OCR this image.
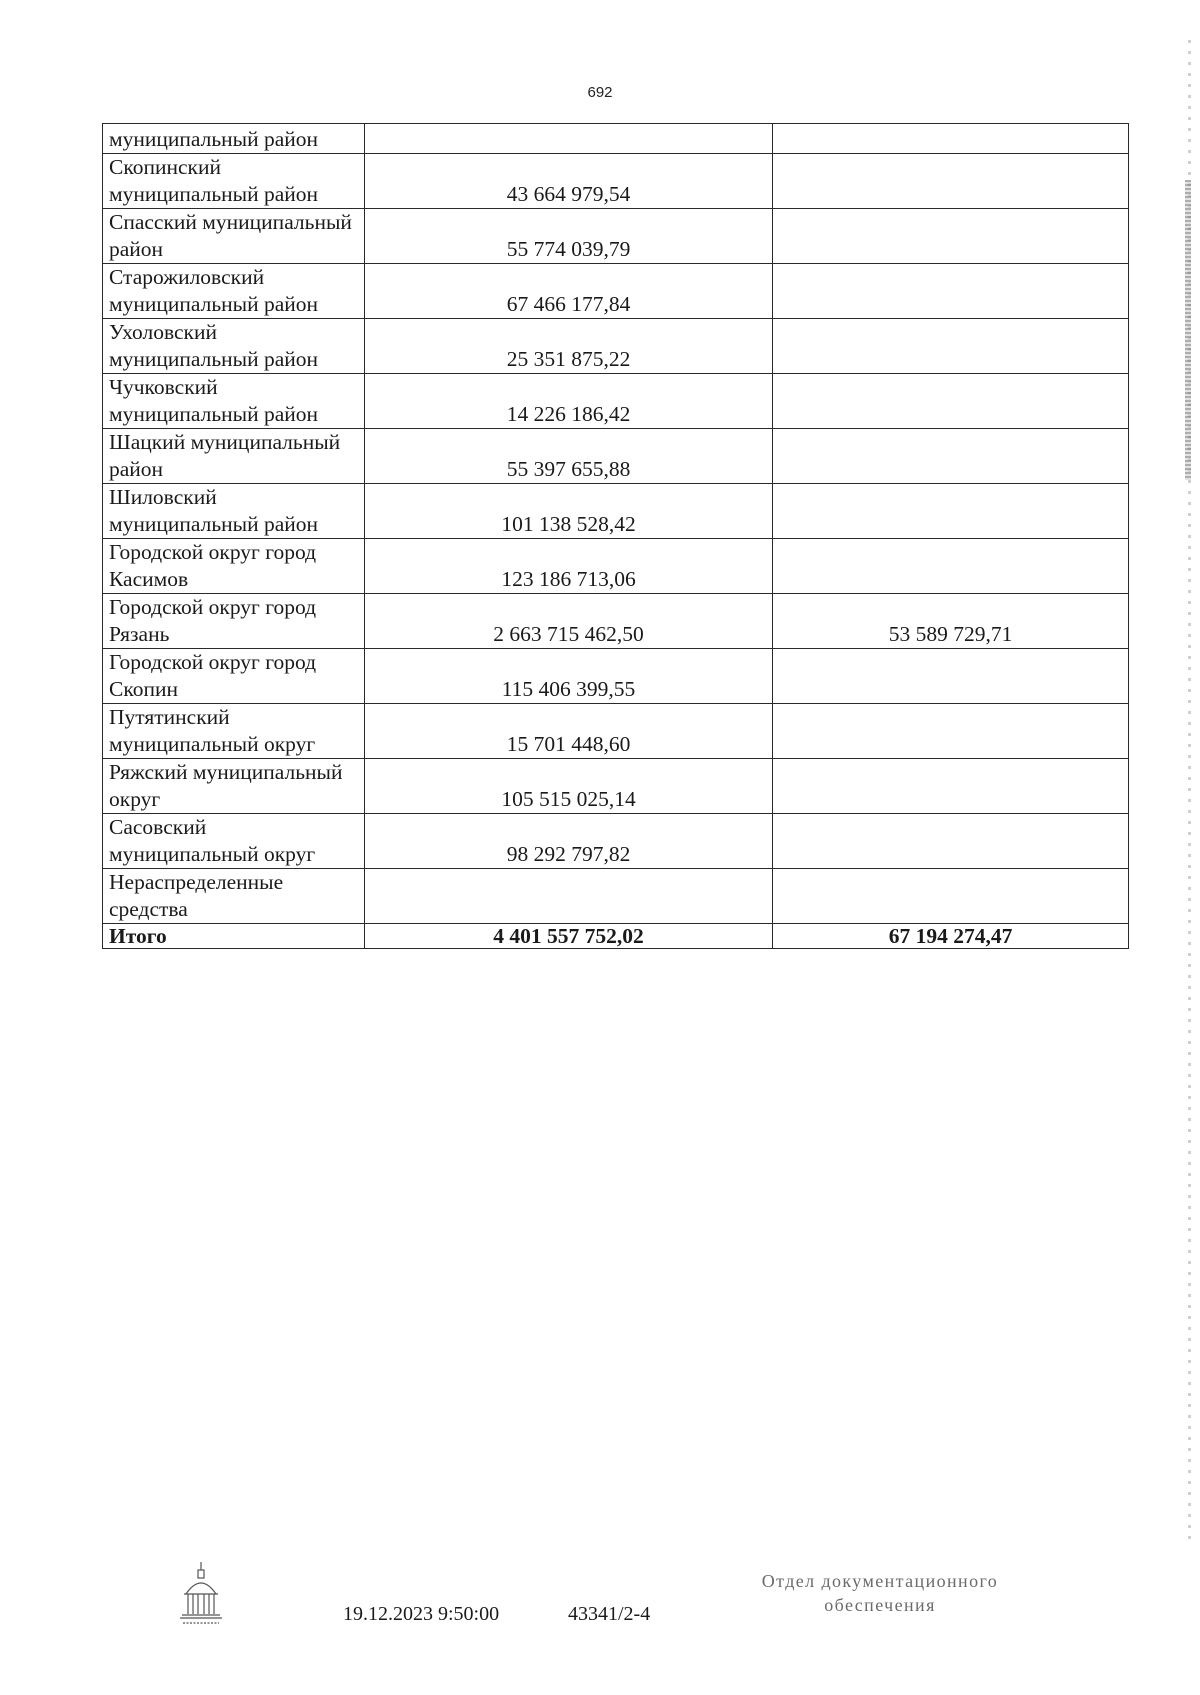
692
муниципальный район		
Скопинский муниципальный район	43 664 979,54	
Спасский муниципальный район	55 774 039,79	
Старожиловский муниципальный район	67 466 177,84	
Ухоловский муниципальный район	25 351 875,22	
Чучковский муниципальный район	14 226 186,42	
Шацкий муниципальный район	55 397 655,88	
Шиловский муниципальный район	101 138 528,42	
Городской округ город Касимов	123 186 713,06	
Городской округ город Рязань	2 663 715 462,50	53 589 729,71
Городской округ город Скопин	115 406 399,55	
Путятинский муниципальный округ	15 701 448,60	
Ряжский муниципальный округ	105 515 025,14	
Сасовский муниципальный округ	98 292 797,82	
Нераспределенные средства		
Итого	4 401 557 752,02	67 194 274,47
19.12.2023 9:50:00	43341/2-4
Отдел документационного
обеспечения
